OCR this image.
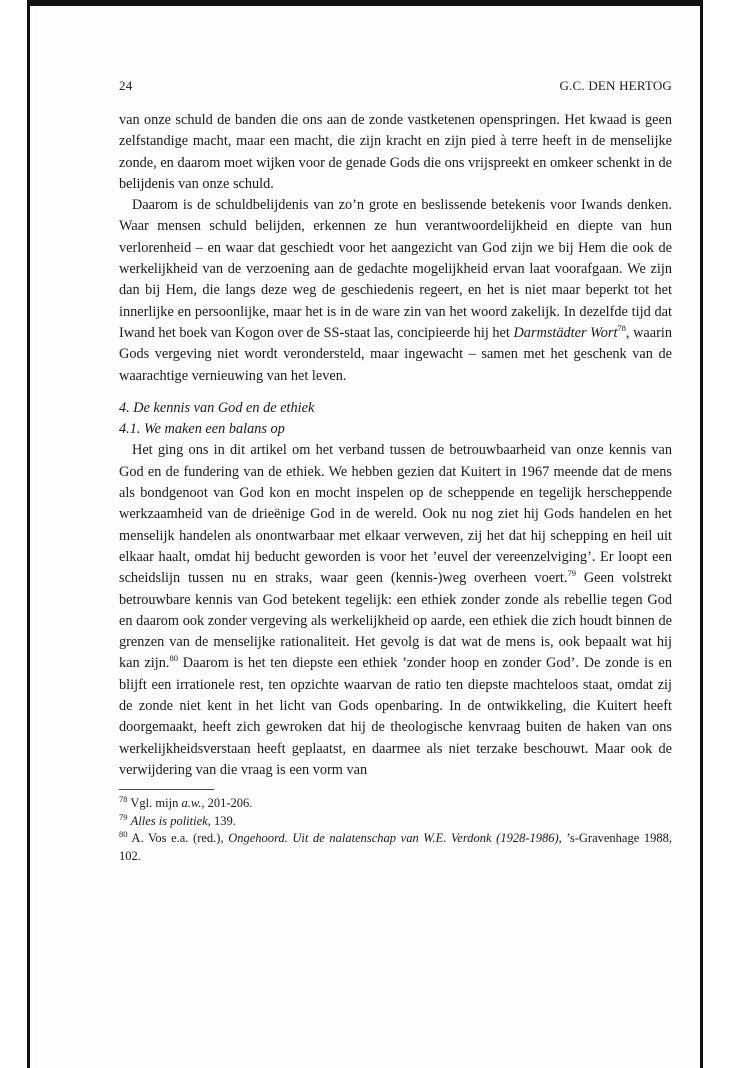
24	G.C. DEN HERTOG

van onze schuld de banden die ons aan de zonde vastketenen openspringen. Het kwaad is geen zelfstandige macht, maar een macht, die zijn kracht en zijn pied à terre heeft in de menselijke zonde, en daarom moet wijken voor de genade Gods die ons vrijspreekt en omkeer schenkt in de belijdenis van onze schuld.

Daarom is de schuldbelijdenis van zo’n grote en beslissende betekenis voor Iwands denken. Waar mensen schuld belijden, erkennen ze hun verantwoordelijkheid en diepte van hun verlorenheid – en waar dat geschiedt voor het aangezicht van God zijn we bij Hem die ook de werkelijkheid van de verzoening aan de gedachte mogelijkheid ervan laat voorafgaan. We zijn dan bij Hem, die langs deze weg de geschiedenis regeert, en het is niet maar beperkt tot het innerlijke en persoonlijke, maar het is in de ware zin van het woord zakelijk. In dezelfde tijd dat Iwand het boek van Kogon over de SS-staat las, concipieerde hij het Darmstädter Wort$^{78}$, waarin Gods vergeving niet wordt verondersteld, maar ingewacht – samen met het geschenk van de waarachtige vernieuwing van het leven.

4. De kennis van God en de ethiek

4.1. We maken een balans op

Het ging ons in dit artikel om het verband tussen de betrouwbaarheid van onze kennis van God en de fundering van de ethiek. We hebben gezien dat Kuitert in 1967 meende dat de mens als bondgenoot van God kon en mocht inspelen op de scheppende en tegelijk herscheppende werkzaamheid van de drieënige God in de wereld. Ook nu nog ziet hij Gods handelen en het menselijk handelen als onontwarbaar met elkaar verweven, zij het dat hij schepping en heil uit elkaar haalt, omdat hij beducht geworden is voor het ’euvel der vereenzelviging’. Er loopt een scheidslijn tussen nu en straks, waar geen (kennis-)weg overheen voert.$^{79}$ Geen volstrekt betrouwbare kennis van God betekent tegelijk: een ethiek zonder zonde als rebellie tegen God en daarom ook zonder vergeving als werkelijkheid op aarde, een ethiek die zich houdt binnen de grenzen van de menselijke rationaliteit. Het gevolg is dat wat de mens is, ook bepaalt wat hij kan zijn.$^{80}$ Daarom is het ten diepste een ethiek ’zonder hoop en zonder God’. De zonde is en blijft een irrationele rest, ten opzichte waarvan de ratio ten diepste machteloos staat, omdat zij de zonde niet kent in het licht van Gods openbaring. In de ontwikkeling, die Kuitert heeft doorgemaakt, heeft zich gewroken dat hij de theologische kenvraag buiten de haken van ons werkelijkheidsverstaan heeft geplaatst, en daarmee als niet terzake beschouwt. Maar ook de verwijdering van die vraag is een vorm van

$^{78}$ Vgl. mijn a.w., 201-206.

$^{79}$ Alles is politiek, 139.

$^{80}$ A. Vos e.a. (red.), Ongehoord. Uit de nalatenschap van W.E. Verdonk (1928-1986), ’s-Gravenhage 1988, 102.
